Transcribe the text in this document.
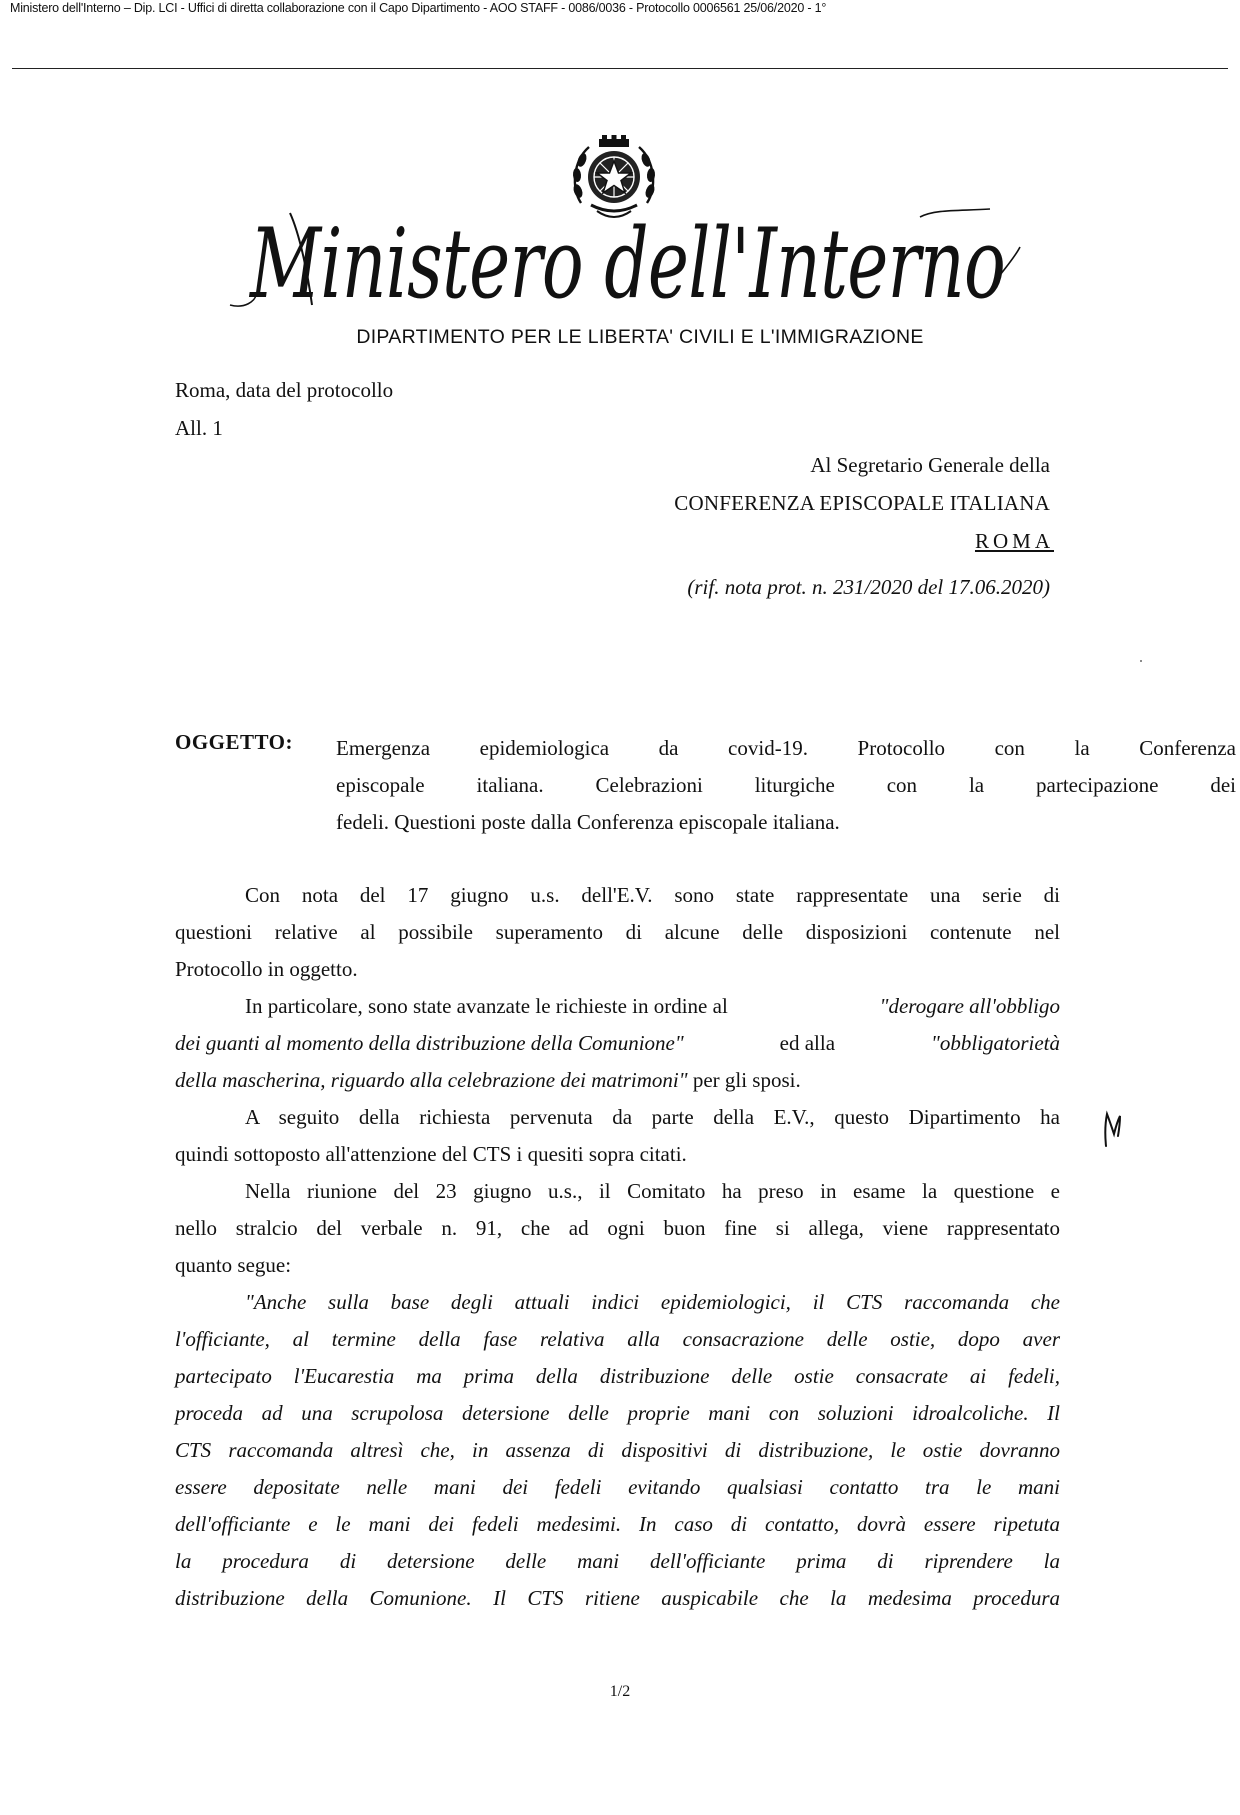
Ministero dell'Interno – Dip. LCI - Uffici di diretta collaborazione con il Capo Dipartimento - AOO STAFF - 0086/0036 - Protocollo 0006561 25/06/2020 - 1°
Ministero dell'Interno
DIPARTIMENTO PER LE LIBERTA' CIVILI E L'IMMIGRAZIONE
Roma, data del protocollo
All. 1
Al Segretario Generale della
CONFERENZA EPISCOPALE ITALIANA
ROMA
(rif. nota prot. n. 231/2020 del 17.06.2020)
OGGETTO: Emergenza epidemiologica da covid-19. Protocollo con la Conferenza
episcopale italiana. Celebrazioni liturgiche con la partecipazione dei
fedeli. Questioni poste dalla Conferenza episcopale italiana.

Con nota del 17 giugno u.s. dell'E.V. sono state rappresentate una serie di
questioni relative al possibile superamento di alcune delle disposizioni contenute nel
Protocollo in oggetto.

In particolare, sono state avanzate le richieste in ordine al	"derogare all'obbligo
dei guanti al momento della distribuzione della Comunione"	ed alla	"obbligatorietà
della mascherina, riguardo alla celebrazione dei matrimoni" per gli sposi.

A seguito della richiesta pervenuta da parte della E.V., questo Dipartimento ha
quindi sottoposto all'attenzione del CTS i quesiti sopra citati.

Nella riunione del 23 giugno u.s., il Comitato ha preso in esame la questione e
nello stralcio del verbale n. 91, che ad ogni buon fine si allega, viene rappresentato
quanto segue:

"Anche sulla base degli attuali indici epidemiologici, il CTS raccomanda che
l'officiante, al termine della fase relativa alla consacrazione delle ostie, dopo aver
partecipato l'Eucarestia ma prima della distribuzione delle ostie consacrate ai fedeli,
proceda ad una scrupolosa detersione delle proprie mani con soluzioni idroalcoliche. Il
CTS raccomanda altresì che, in assenza di dispositivi di distribuzione, le ostie dovranno
essere depositate nelle mani dei fedeli evitando qualsiasi contatto tra le mani
dell'officiante e le mani dei fedeli medesimi. In caso di contatto, dovrà essere ripetuta
la procedura di detersione delle mani dell'officiante prima di riprendere la
distribuzione della Comunione. Il CTS ritiene auspicabile che la medesima procedura

1/2
